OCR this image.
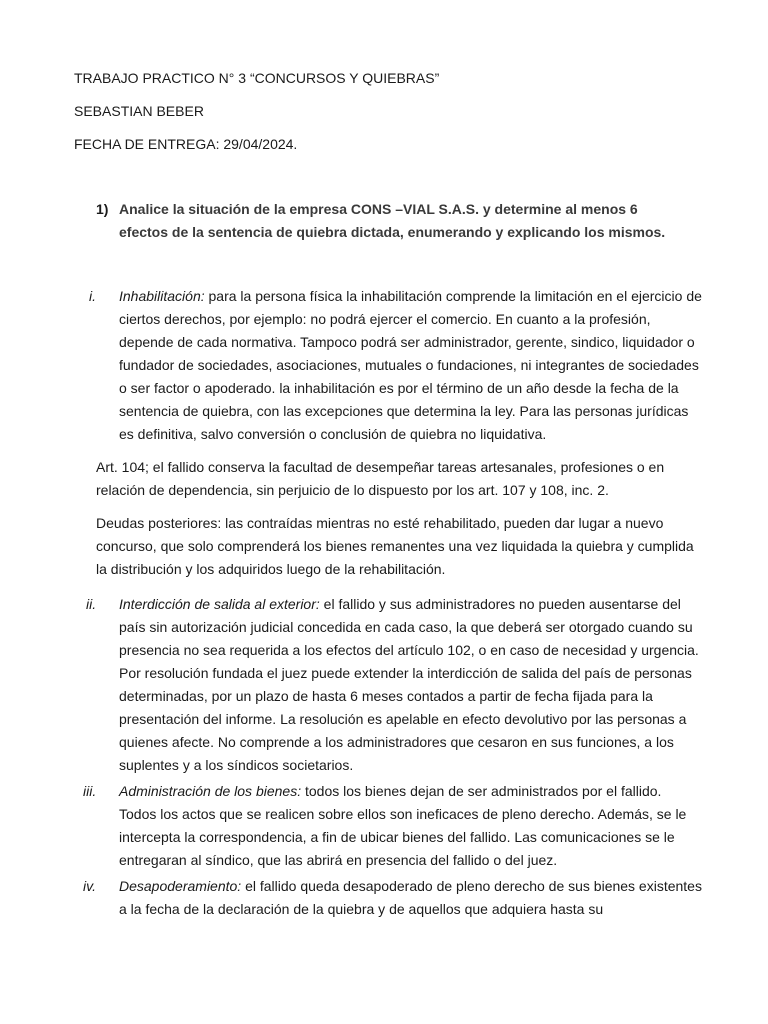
TRABAJO PRACTICO N° 3 “CONCURSOS Y QUIEBRAS”
SEBASTIAN BEBER
FECHA DE ENTREGA: 29/04/2024.
1) Analice la situación de la empresa CONS –VIAL S.A.S. y determine al menos 6 efectos de la sentencia de quiebra dictada, enumerando y explicando los mismos.
i. Inhabilitación: para la persona física la inhabilitación comprende la limitación en el ejercicio de ciertos derechos, por ejemplo: no podrá ejercer el comercio. En cuanto a la profesión, depende de cada normativa. Tampoco podrá ser administrador, gerente, sindico, liquidador o fundador de sociedades, asociaciones, mutuales o fundaciones, ni integrantes de sociedades o ser factor o apoderado. la inhabilitación es por el término de un año desde la fecha de la sentencia de quiebra, con las excepciones que determina la ley. Para las personas jurídicas es definitiva, salvo conversión o conclusión de quiebra no liquidativa.
Art. 104; el fallido conserva la facultad de desempeñar tareas artesanales, profesiones o en relación de dependencia, sin perjuicio de lo dispuesto por los art. 107 y 108, inc. 2.
Deudas posteriores: las contraídas mientras no esté rehabilitado, pueden dar lugar a nuevo concurso, que solo comprenderá los bienes remanentes una vez liquidada la quiebra y cumplida la distribución y los adquiridos luego de la rehabilitación.
ii. Interdicción de salida al exterior: el fallido y sus administradores no pueden ausentarse del país sin autorización judicial concedida en cada caso, la que deberá ser otorgado cuando su presencia no sea requerida a los efectos del artículo 102, o en caso de necesidad y urgencia. Por resolución fundada el juez puede extender la interdicción de salida del país de personas determinadas, por un plazo de hasta 6 meses contados a partir de fecha fijada para la presentación del informe. La resolución es apelable en efecto devolutivo por las personas a quienes afecte. No comprende a los administradores que cesaron en sus funciones, a los suplentes y a los síndicos societarios.
iii. Administración de los bienes: todos los bienes dejan de ser administrados por el fallido. Todos los actos que se realicen sobre ellos son ineficaces de pleno derecho. Además, se le intercepta la correspondencia, a fin de ubicar bienes del fallido. Las comunicaciones se le entregaran al síndico, que las abrirá en presencia del fallido o del juez.
iv. Desapoderamiento: el fallido queda desapoderado de pleno derecho de sus bienes existentes a la fecha de la declaración de la quiebra y de aquellos que adquiera hasta su
